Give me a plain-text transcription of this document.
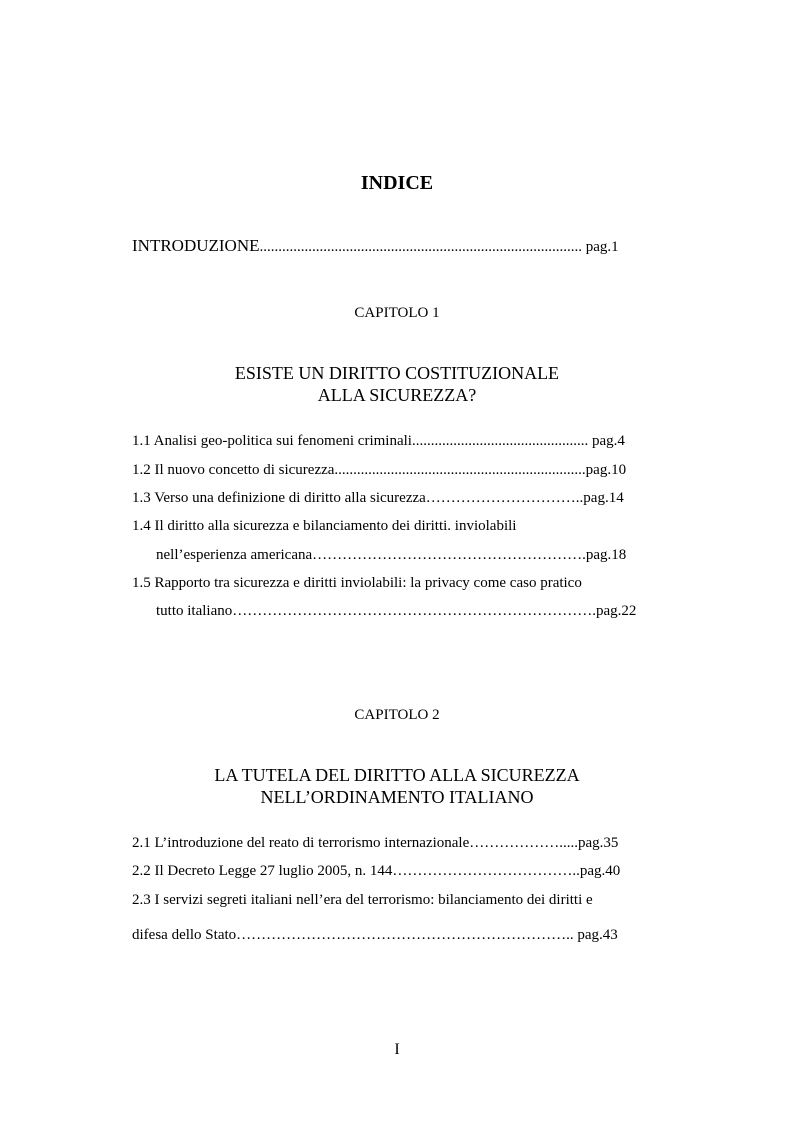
INDICE
INTRODUZIONE...................................................................................... pag.1
CAPITOLO 1
ESISTE UN DIRITTO COSTITUZIONALE
ALLA SICUREZZA?
1.1 Analisi geo-politica sui fenomeni criminali............................................... pag.4
1.2 Il nuovo concetto di sicurezza...................................................................pag.10
1.3 Verso una definizione di diritto alla sicurezza…………………………..pag.14
1.4 Il diritto alla sicurezza e bilanciamento dei diritti. inviolabili
nell’esperienza americana……………………………………………….pag.18
1.5 Rapporto tra sicurezza e diritti inviolabili: la privacy come caso pratico
tutto italiano……………………………………………………………….pag.22
CAPITOLO 2
LA TUTELA DEL DIRITTO ALLA SICUREZZA
NELL’ORDINAMENTO ITALIANO
2.1 L’introduzione del reato di terrorismo internazionale……………….....pag.35
2.2 Il Decreto Legge 27 luglio 2005, n. 144………………………………..pag.40
2.3 I servizi segreti italiani nell’era del terrorismo: bilanciamento dei diritti e
difesa dello Stato………………………………………………………….. pag.43
I
